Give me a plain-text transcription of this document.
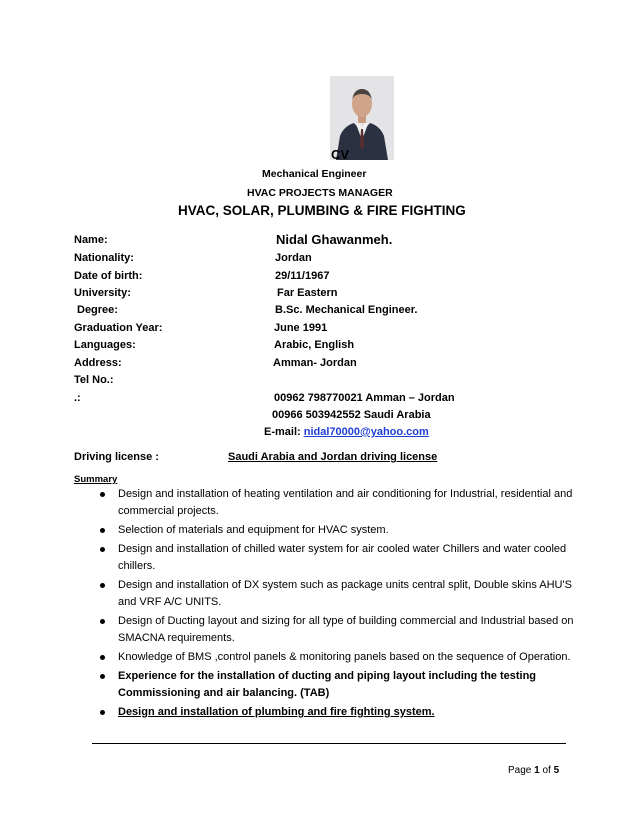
CV
Mechanical Engineer
HVAC PROJECTS MANAGER
HVAC, SOLAR, PLUMBING & FIRE FIGHTING
Name:	Nidal Ghawanmeh.
Nationality:	Jordan
Date of birth:	29/11/1967
University:	Far Eastern
Degree:	B.Sc. Mechanical Engineer.
Graduation Year:	June 1991
Languages:	Arabic, English
Address:	Amman- Jordan
Tel No.:
.:	00962 798770021 Amman – Jordan
00966 503942552 Saudi Arabia
E-mail: nidal70000@yahoo.com
Driving license :	Saudi Arabia and Jordan driving license
Summary
Design and installation of heating ventilation and air conditioning for Industrial, residential and commercial projects.
Selection of materials and equipment for HVAC system.
Design and installation of chilled water system for air cooled water Chillers and water cooled chillers.
Design and installation of DX system such as package units central split, Double skins AHU'S and VRF A/C UNITS.
Design of Ducting layout and sizing for all type of building commercial and Industrial based on SMACNA requirements.
Knowledge of BMS ,control panels & monitoring panels based on the sequence of Operation.
Experience for the installation of ducting and piping layout including the testing Commissioning and air balancing. (TAB)
Design and installation of plumbing and fire fighting system.
Page 1 of 5
